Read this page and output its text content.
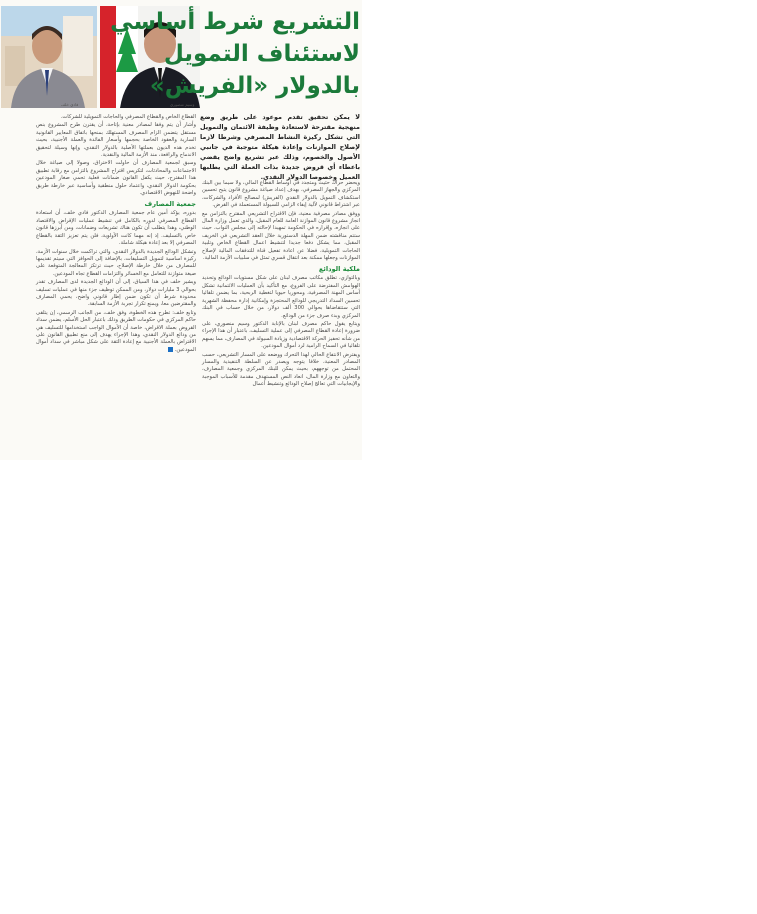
فادي خلف	وسيم منصوري
التشريع شرط أساسي
لاستئناف التمويل
بالدولار «الفريش»
لا يمكن تحقيق تقدم موعود على طريق وضع منهجية مقترحة لاستعادة وظيفة الائتمان والتمويل التي تشكل ركيزة النشاط المصرفي وشرطا لازما لإصلاح الموازنات وإعادة هيكلة متوجبة في جانبي الأصول والخصوم، وذلك عبر تشريع واضح يقضي باعطاء أي قروض جديدة بذات العملة التي يطلبها العميل وخصوصا الدولار النقدي.

ويحضر حراك حثيث ومتجدد في أوساط القطاع المالي، ولا سيما بين البنك المركزي والجهاز المصرفي، بهدف إعداد صياغة مشروع قانون يتيح تحسين استكشاف التمويل بالدولار النقدي (الفريش) لمصالح الأفراد والشركات، عبر اشتراط قانوني لآلية إيفاء الزامي للسيولة المستعملة في القرض.

ووفق مصادر مصرفية معنية، فإن الاقتراح التشريعي المقترح بالتزامن مع انجاز مشروع قانون الموازنة العامة للعام المقبل، والذي تعمل وزارة المال على انجازه، وإقراره في الحكومة تمهيدا لإحالته إلى مجلس النواب، حيث ستتم مناقشته ضمن المهلة الدستورية خلال العقد التشريعي في الخريف المقبل، مما يشكل دفعا جديدا لتنشيط اعمال القطاع الخاص وتلبية الحاجات التمويلية، فضلا عن اعادة تفعيل قناة للتدفقات المالية لإصلاح الموازنات وجعلها ممكنة بعد انتقال قسري تمثل في سلبيات الأزمة المالية.

ملكية الودائع

وبالتوازي، تطلق مكاتب مصرف لبنان على شكل مستويات الودائع وتحديد الهوامش المفترضة على الفروع، مع التأكيد بأن العمليات الائتمانية تشكل أساس المهنة المصرفية، ومحوريا حيويا لتغطية الربحية، بما يضمن تلقائيا تحسين السداد التدريجي للودائع المحتجزة وإمكانية إدارة محفظة الشهرية التي ستتقاضاها بحوالي 300 ألف دولار، من خلال حساب في البنك المركزي وبدء صرف جزء من الودائع.

ويتابع يقول حاكم مصرف لبنان بالإنابة الدكتور وسيم منصوري، على ضرورة إعادة القطاع المصرفي إلى عملية التسليف، باعتبار أن هذا الإجراء من شأنه تحفيز الحركة الاقتصادية وزيادة السيولة في المصارف، مما يسهم تلقائيا في السماح الرامية لرد أموال المودعين.

ويفترض الانتفاع الحالي لهذا التحرك ووضعه على المسار التشريعي، حسب المصادر المعنية، خلافا يتوجه ويصدر عن السلطة التنفيذية والمسار المحتمل من توجههم، بحيث يمكن للبنك المركزي وجمعية المصارف، والتعاون مع وزارة المال، انعاد النص المستهدف مقدمة للأسباب الموجبة والإيجابيات التي تعالج إصلاح الودائع وتنشيط أعمال

القطاع الخاص والقطاع المصرفي والحاجات التمويلية للشركات.

وأشار أن يتم وفقا لمصادر معنية بإتاحة، أن يقترن طرح المشروع بنص مستقل يتضمن الزام المصرف المستهلك بمنحها باتفاق المعايير القانونية السارية والعقود الخاصة بحجمها وأسعار الفائدة والعملة الأجنبية، بحيث تخدم هذه الديون بعملتها الأصلية بالدولار النقدي، وإنها وسيلة لتحقيق الاندماج والرافعة، منذ الأزمة المالية والنقدية.

وسبق لجمعية المصارف أن حاولت الاختراق، وصولا إلى صياغة خلال الاجتماعات والمحادثات، لتكريس اقتراح المشروع بالتزامن مع رقابة تطبيق هذا المقترح، حيث يكفل القانون ضمانات فعلية تحمي صغار المودعين بحكومة الدولار النقدي، واعتماد حلول منطقية وأساسية عبر خارطة طريق واضحة للنهوض الاقتصادي.

جمعية المصارف

بدوره، يؤكد أمين عام جمعية المصارف الدكتور فادي خلف، أن استعادة القطاع المصرفي لدوره بالكامل في تنشيط عمليات الإقراض والاقتصاد الوطني، وهذا يتطلب أن تكون هناك تشريعات وضمانات، ومن أبرزها قانون خاص بالتسليف. إذ إنه مهما كانت الأولوية، فلن يتم تعزيز الثقة بالقطاع المصرفي إلا بعد إعادة هيكلة شاملة.

وتشكل الودائع الجديدة بالدولار النقدي، والتي تراكمت خلال سنوات الأزمة، ركيزة اساسية لتمويل التسليفات، بالإضافة إلى الحوافز التي سيتم تقديمها للمصارف من خلال خارطة الإصلاح، حيث ترتكز المعالجة المتوقعة على صيغة متوازنة للتعامل مع الخسائر والتزامات القطاع تجاه المودعين.

ويشير خلف في هذا السياق، إلى أن الودائع الجديدة لدى المصارف تقدر بحوالي 3 مليارات دولار، ومن الممكن توظيف جزء منها في عمليات تسليف محدودة شرط أن تكون ضمن إطار قانوني واضح، يحمي المصارف والمقترضين معا، ويمنع تكرار تجربة الأزمة السابقة.

وتابع خلف: تطرح هذه الخطوة، وفق خلف، من الجانب الرسمي، إن يتلقى حاكم المركزي في حكومات الطريق وذلك باعتبار الحل الأسلم، يضمن سداد القروض بعملة الاقراض، خاصة أن الأموال الواجب استخدامها للتسليف هي من ودائع الدولار النقدي، وهذا الإجراء يهدف إلى منع تطبيق القانون على الاقتراض بالعملة الأجنبية مع إعادة الثقة على شكل مباشر في سداد أموال المودعين.
